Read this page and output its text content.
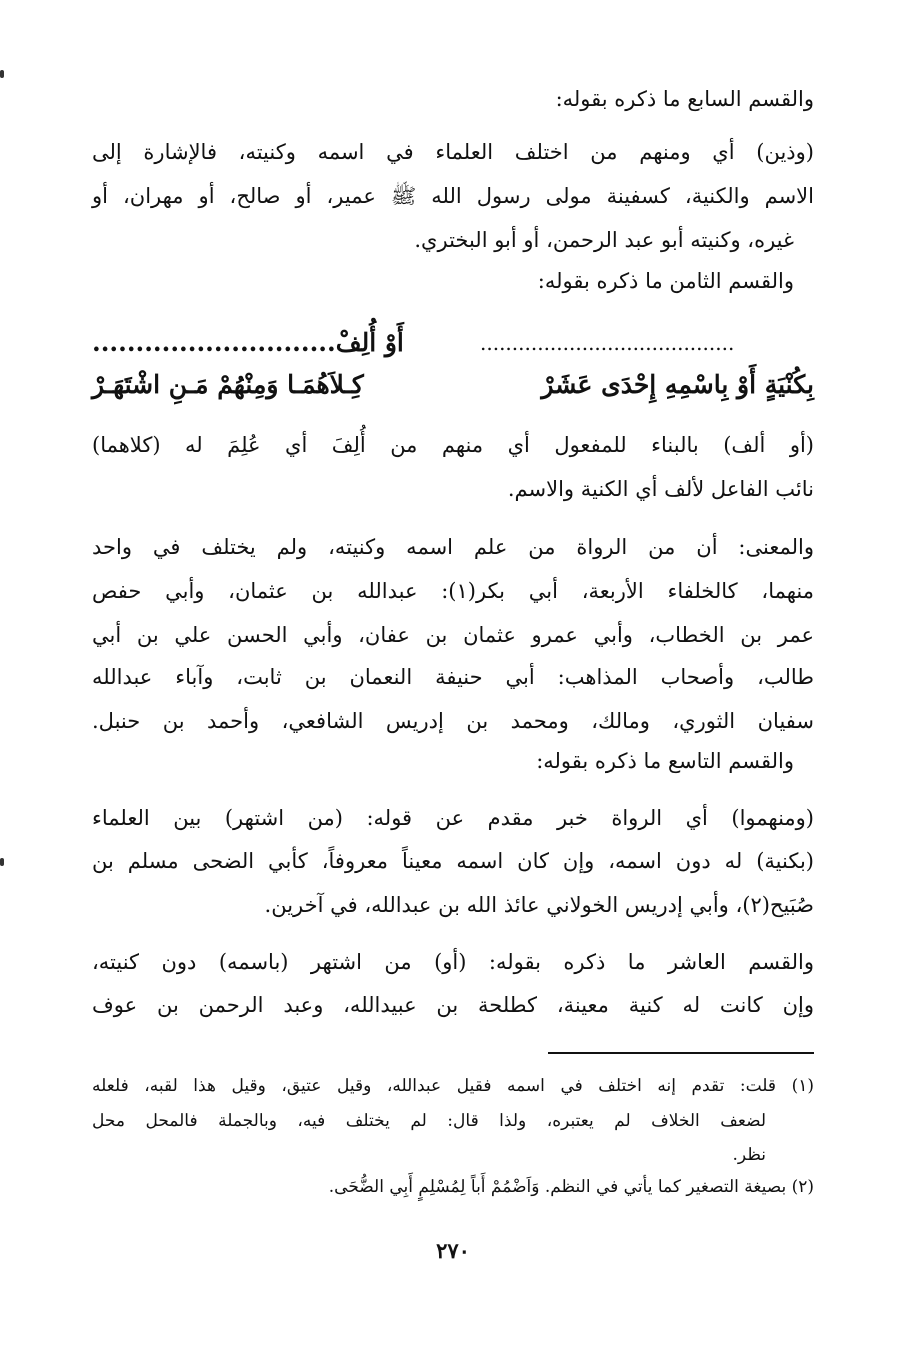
والقسم السابع ما ذكره بقوله:
(وذين) أي ومنهم من اختلف العلماء في اسمه وكنيته، فالإشارة إلى
الاسم والكنية، كسفينة مولى رسول الله ﷺ عمير، أو صالح، أو مهران، أو
غيره، وكنيته أبو عبد الرحمن، أو أبو البختري.
والقسم الثامن ما ذكره بقوله:
أَوْ أُلِفْ............................	........................................
كِـلاَهُمَـا وَمِنْهُمْ مَـنِ اشْتَهَـرْ	بِكُنْيَةٍ أَوْ بِاسْمِهِ إِحْدَى عَشَرْ
(أو ألف) بالبناء للمفعول أي منهم من أُلِفَ أي عُلِمَ له (كلاهما)
نائب الفاعل لألف أي الكنية والاسم.
والمعنى: أن من الرواة من علم اسمه وكنيته، ولم يختلف في واحد
منهما، كالخلفاء الأربعة، أبي بكر(١): عبدالله بن عثمان، وأبي حفص
عمر بن الخطاب، وأبي عمرو عثمان بن عفان، وأبي الحسن علي بن أبي
طالب، وأصحاب المذاهب: أبي حنيفة النعمان بن ثابت، وآباء عبدالله
سفيان الثوري، ومالك، ومحمد بن إدريس الشافعي، وأحمد بن حنبل.
والقسم التاسع ما ذكره بقوله:
(ومنهموا) أي الرواة خبر مقدم عن قوله: (من اشتهر) بين العلماء
(بكنية) له دون اسمه، وإن كان اسمه معيناً معروفاً، كأبي الضحى مسلم بن
صُبَيح(٢)، وأبي إدريس الخولاني عائذ الله بن عبدالله، في آخرين.
والقسم العاشر ما ذكره بقوله: (أو) من اشتهر (باسمه) دون كنيته،
وإن كانت له كنية معينة، كطلحة بن عبيدالله، وعبد الرحمن بن عوف
(١) قلت: تقدم إنه اختلف في اسمه فقيل عبدالله، وقيل عتيق، وقيل هذا لقبه، فلعله
لضعف الخلاف لم يعتبره، ولذا قال: لم يختلف فيه، وبالجملة فالمحل محل
نظر.
(٢) بصيغة التصغير كما يأتي في النظم. وَاَضْمُمْ أَباً لِمُسْلِمٍ أَبِي الضُّحَى.
٢٧٠
